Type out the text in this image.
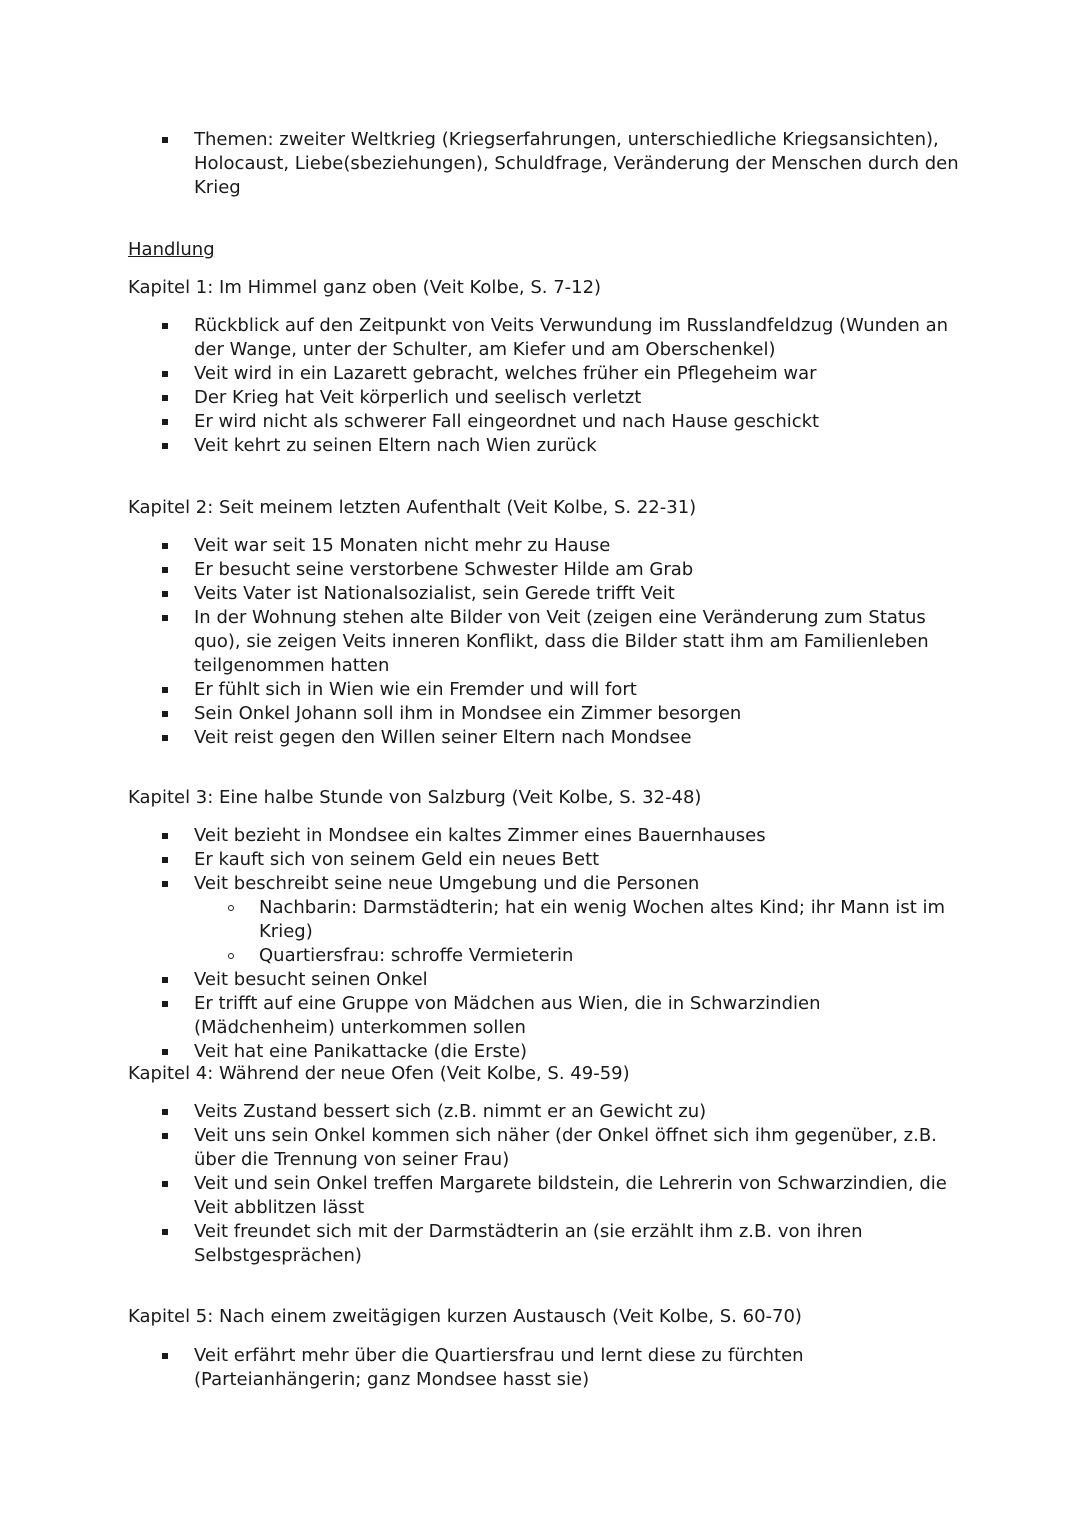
Themen: zweiter Weltkrieg (Kriegserfahrungen, unterschiedliche Kriegsansichten), Holocaust, Liebe(sbeziehungen), Schuldfrage, Veränderung der Menschen durch den Krieg
Handlung
Kapitel 1: Im Himmel ganz oben (Veit Kolbe, S. 7-12)
Rückblick auf den Zeitpunkt von Veits Verwundung im Russlandfeldzug (Wunden an der Wange, unter der Schulter, am Kiefer und am Oberschenkel)
Veit wird in ein Lazarett gebracht, welches früher ein Pflegeheim war
Der Krieg hat Veit körperlich und seelisch verletzt
Er wird nicht als schwerer Fall eingeordnet und nach Hause geschickt
Veit kehrt zu seinen Eltern nach Wien zurück
Kapitel 2: Seit meinem letzten Aufenthalt (Veit Kolbe, S. 22-31)
Veit war seit 15 Monaten nicht mehr zu Hause
Er besucht seine verstorbene Schwester Hilde am Grab
Veits Vater ist Nationalsozialist, sein Gerede trifft Veit
In der Wohnung stehen alte Bilder von Veit (zeigen eine Veränderung zum Status quo), sie zeigen Veits inneren Konflikt, dass die Bilder statt ihm am Familienleben teilgenommen hatten
Er fühlt sich in Wien wie ein Fremder und will fort
Sein Onkel Johann soll ihm in Mondsee ein Zimmer besorgen
Veit reist gegen den Willen seiner Eltern nach Mondsee
Kapitel 3: Eine halbe Stunde von Salzburg (Veit Kolbe, S. 32-48)
Veit bezieht in Mondsee ein kaltes Zimmer eines Bauernhauses
Er kauft sich von seinem Geld ein neues Bett
Veit beschreibt seine neue Umgebung und die Personen
Nachbarin: Darmstädterin; hat ein wenig Wochen altes Kind; ihr Mann ist im Krieg)
Quartiersfrau: schroffe Vermieterin
Veit besucht seinen Onkel
Er trifft auf eine Gruppe von Mädchen aus Wien, die in Schwarzindien (Mädchenheim) unterkommen sollen
Veit hat eine Panikattacke (die Erste)
Kapitel 4: Während der neue Ofen (Veit Kolbe, S. 49-59)
Veits Zustand bessert sich (z.B. nimmt er an Gewicht zu)
Veit uns sein Onkel kommen sich näher (der Onkel öffnet sich ihm gegenüber, z.B. über die Trennung von seiner Frau)
Veit und sein Onkel treffen Margarete bildstein, die Lehrerin von Schwarzindien, die Veit abblitzen lässt
Veit freundet sich mit der Darmstädterin an (sie erzählt ihm z.B. von ihren Selbstgesprächen)
Kapitel 5: Nach einem zweitägigen kurzen Austausch (Veit Kolbe, S. 60-70)
Veit erfährt mehr über die Quartiersfrau und lernt diese zu fürchten (Parteianhängerin; ganz Mondsee hasst sie)
